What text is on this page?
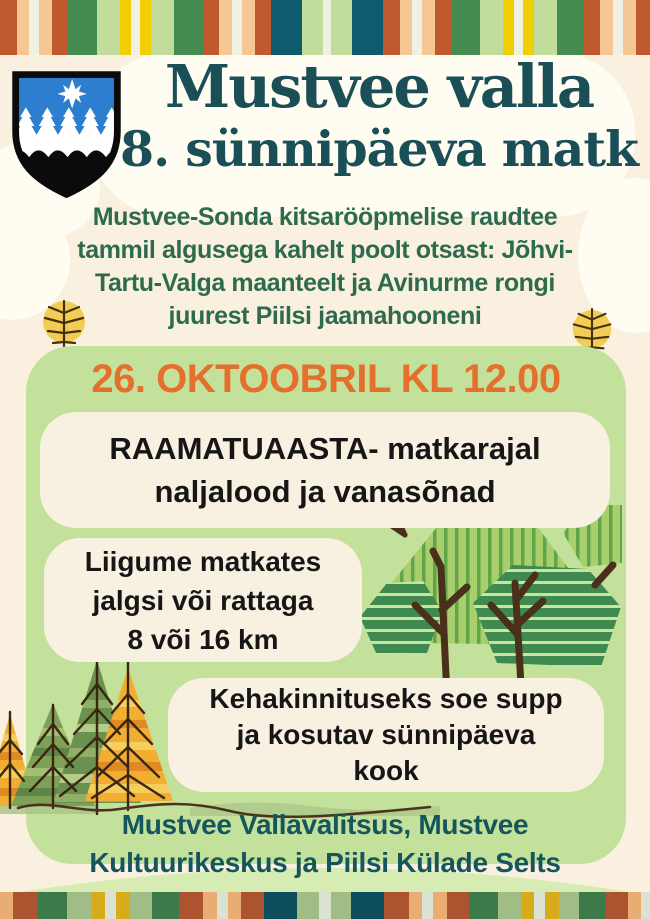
Mustvee valla
8. sünnipäeva matk
Mustvee-Sonda kitsarööpmelise raudtee
tammil algusega kahelt poolt otsast: Jõhvi-
Tartu-Valga maanteelt ja Avinurme rongi
juurest Piilsi jaamahooneni
26. OKTOOBRIL KL 12.00
RAAMATUAASTA- matkarajal
naljalood ja vanasõnad
Liigume matkates
jalgsi või rattaga
8 või 16 km
Kehakinnituseks soe supp
ja kosutav sünnipäeva
kook
Mustvee Vallavalitsus, Mustvee
Kultuurikeskus ja Piilsi Külade Selts
